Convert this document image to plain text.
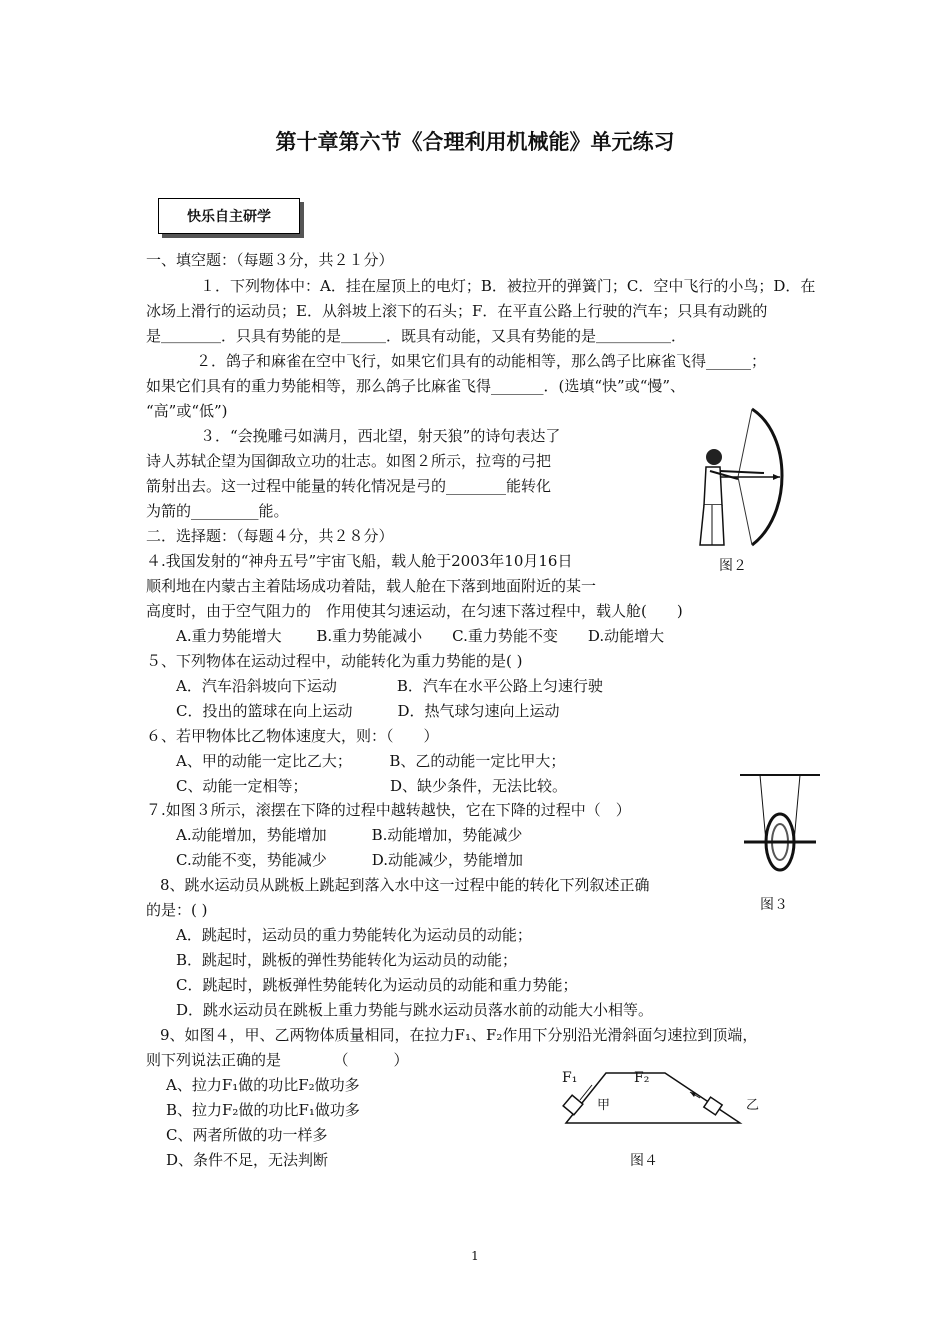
第十章第六节《合理利用机械能》单元练习
快乐自主研学
一、填空题：（每题３分，共２１分）
１．下列物体中：A．挂在屋顶上的电灯；B．被拉开的弹簧门；C．空中飞行的小鸟；D．在
冰场上滑行的运动员；E．从斜坡上滚下的石头；F．在平直公路上行驶的汽车；只具有动跳的
是＿＿＿＿．只具有势能的是＿＿＿．既具有动能，又具有势能的是＿＿＿＿＿．
２．鸽子和麻雀在空中飞行，如果它们具有的动能相等，那么鸽子比麻雀飞得______；
如果它们具有的重力势能相等，那么鸽子比麻雀飞得_______．(选填“快”或“慢”、
“高”或“低”)
３．“会挽雕弓如满月，西北望，射天狼”的诗句表达了
诗人苏轼企望为国御敌立功的壮志。如图２所示，拉弯的弓把
箭射出去。这一过程中能量的转化情况是弓的________能转化
为箭的_________能。
二．选择题：（每题４分，共２８分）
４.我国发射的“神舟五号”宇宙飞船，载人舱于2003年10月16日
顺利地在内蒙古主着陆场成功着陆，载人舱在下落到地面附近的某一
高度时，由于空气阻力的　作用使其匀速运动，在匀速下落过程中，载人舱(　　)
A.重力势能增大　　 B.重力势能减小　　C.重力势能不变　　D.动能增大
５、下列物体在运动过程中，动能转化为重力势能的是( )
A．汽车沿斜坡向下运动　　　　B．汽车在水平公路上匀速行驶
C．投出的篮球在向上运动　　　D．热气球匀速向上运动
６、若甲物体比乙物体速度大，则：（　　）
A、甲的动能一定比乙大；　　　B、乙的动能一定比甲大；
C、动能一定相等；　　　　　　D、缺少条件，无法比较。
７.如图３所示，滚摆在下降的过程中越转越快，它在下降的过程中（　）
A.动能增加，势能增加　　　B.动能增加，势能减少
C.动能不变，势能减少　　　D.动能减少，势能增加
8、跳水运动员从跳板上跳起到落入水中这一过程中能的转化下列叙述正确
的是：( )
A．跳起时，运动员的重力势能转化为运动员的动能；
B．跳起时，跳板的弹性势能转化为运动员的动能；
C．跳起时，跳板弹性势能转化为运动员的动能和重力势能；
D．跳水运动员在跳板上重力势能与跳水运动员落水前的动能大小相等。
9、如图４，甲、乙两物体质量相同，在拉力F₁、F₂作用下分别沿光滑斜面匀速拉到顶端，
则下列说法正确的是　　　　（　　　）
A、拉力F₁做的功比F₂做功多
B、拉力F₂做的功比F₁做功多
C、两者所做的功一样多
D、条件不足，无法判断
图２
图３
F₁	F₂
甲	乙
图４
1
